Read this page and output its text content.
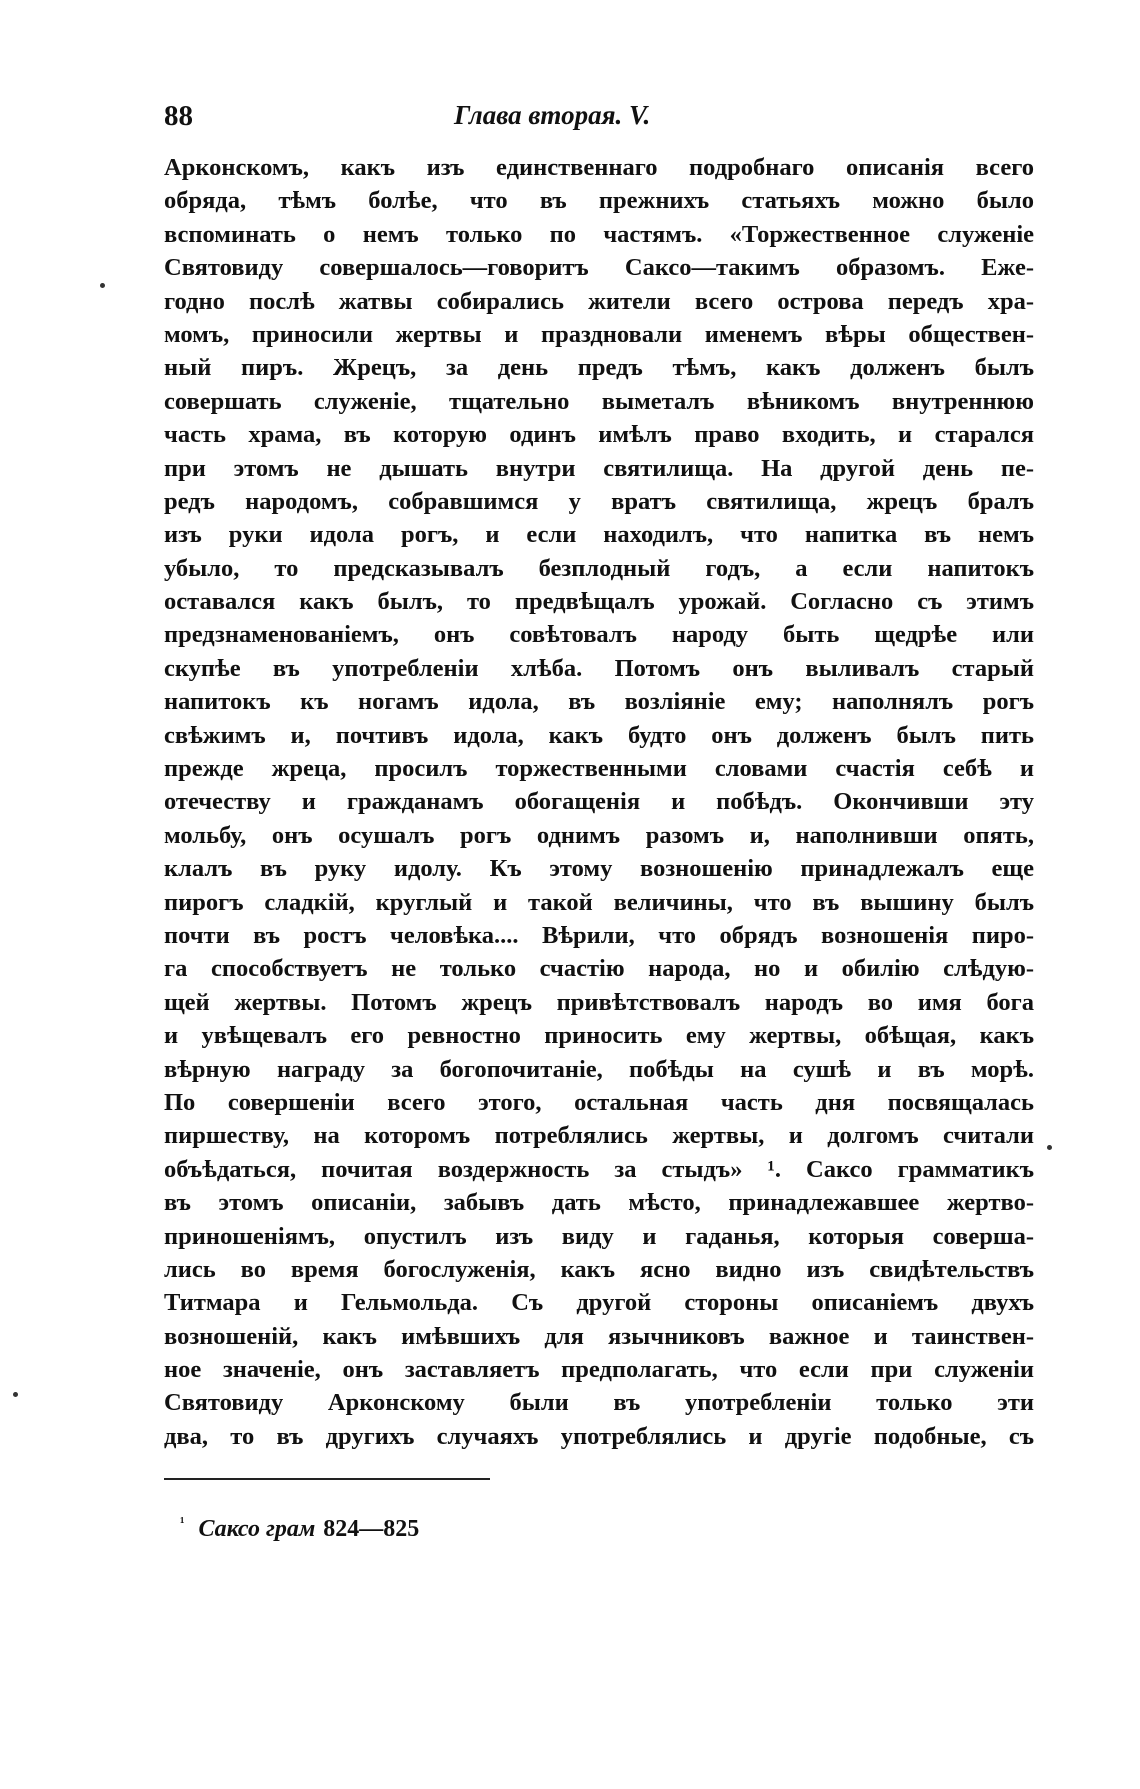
88	Глава вторая. V.
Арконскомъ, какъ изъ единственнаго подробнаго описанія всего
обряда, тѣмъ болѣе, что въ прежнихъ статьяхъ можно было
вспоминать о немъ только по частямъ. «Торжественное служеніе
Святовиду совершалось—говоритъ Саксо—такимъ образомъ. Еже-
годно послѣ жатвы собирались жители всего острова передъ хра-
момъ, приносили жертвы и праздновали именемъ вѣры обществен-
ный пиръ. Жрецъ, за день предъ тѣмъ, какъ долженъ былъ
совершать служеніе, тщательно выметалъ вѣникомъ внутреннюю
часть храма, въ которую одинъ имѣлъ право входить, и старался
при этомъ не дышать внутри святилища. На другой день пе-
редъ народомъ, собравшимся у вратъ святилища, жрецъ бралъ
изъ руки идола рогъ, и если находилъ, что напитка въ немъ
убыло, то предсказывалъ безплодный годъ, а если напитокъ
оставался какъ былъ, то предвѣщалъ урожай. Согласно съ этимъ
предзнаменованіемъ, онъ совѣтовалъ народу быть щедрѣе или
скупѣе въ употребленіи хлѣба. Потомъ онъ выливалъ старый
напитокъ къ ногамъ идола, въ возліяніе ему; наполнялъ рогъ
свѣжимъ и, почтивъ идола, какъ будто онъ долженъ былъ пить
прежде жреца, просилъ торжественными словами счастія себѣ и
отечеству и гражданамъ обогащенія и побѣдъ. Окончивши эту
мольбу, онъ осушалъ рогъ однимъ разомъ и, наполнивши опять,
клалъ въ руку идолу. Къ этому возношенію принадлежалъ еще
пирогъ сладкій, круглый и такой величины, что въ вышину былъ
почти въ ростъ человѣка.... Вѣрили, что обрядъ возношенія пиро-
га способствуетъ не только счастію народа, но и обилію слѣдую-
щей жертвы. Потомъ жрецъ привѣтствовалъ народъ во имя бога
и увѣщевалъ его ревностно приносить ему жертвы, обѣщая, какъ
вѣрную награду за богопочитаніе, побѣды на сушѣ и въ морѣ.
По совершеніи всего этого, остальная часть дня посвящалась
пиршеству, на которомъ потреблялись жертвы, и долгомъ считали
объѣдаться, почитая воздержность за стыдъ» ¹. Саксо грамматикъ
въ этомъ описаніи, забывъ дать мѣсто, принадлежавшее жертво-
приношеніямъ, опустилъ изъ виду и гаданья, которыя соверша-
лись во время богослуженія, какъ ясно видно изъ свидѣтельствъ
Титмара и Гельмольда. Съ другой стороны описаніемъ двухъ
возношеній, какъ имѣвшихъ для язычниковъ важное и таинствен-
ное значеніе, онъ заставляетъ предполагать, что если при служеніи
Святовиду Арконскому были въ употребленіи только эти
два, то въ другихъ случаяхъ употреблялись и другіе подобные, съ
$^{^1}$ Саксо грам 824—825
